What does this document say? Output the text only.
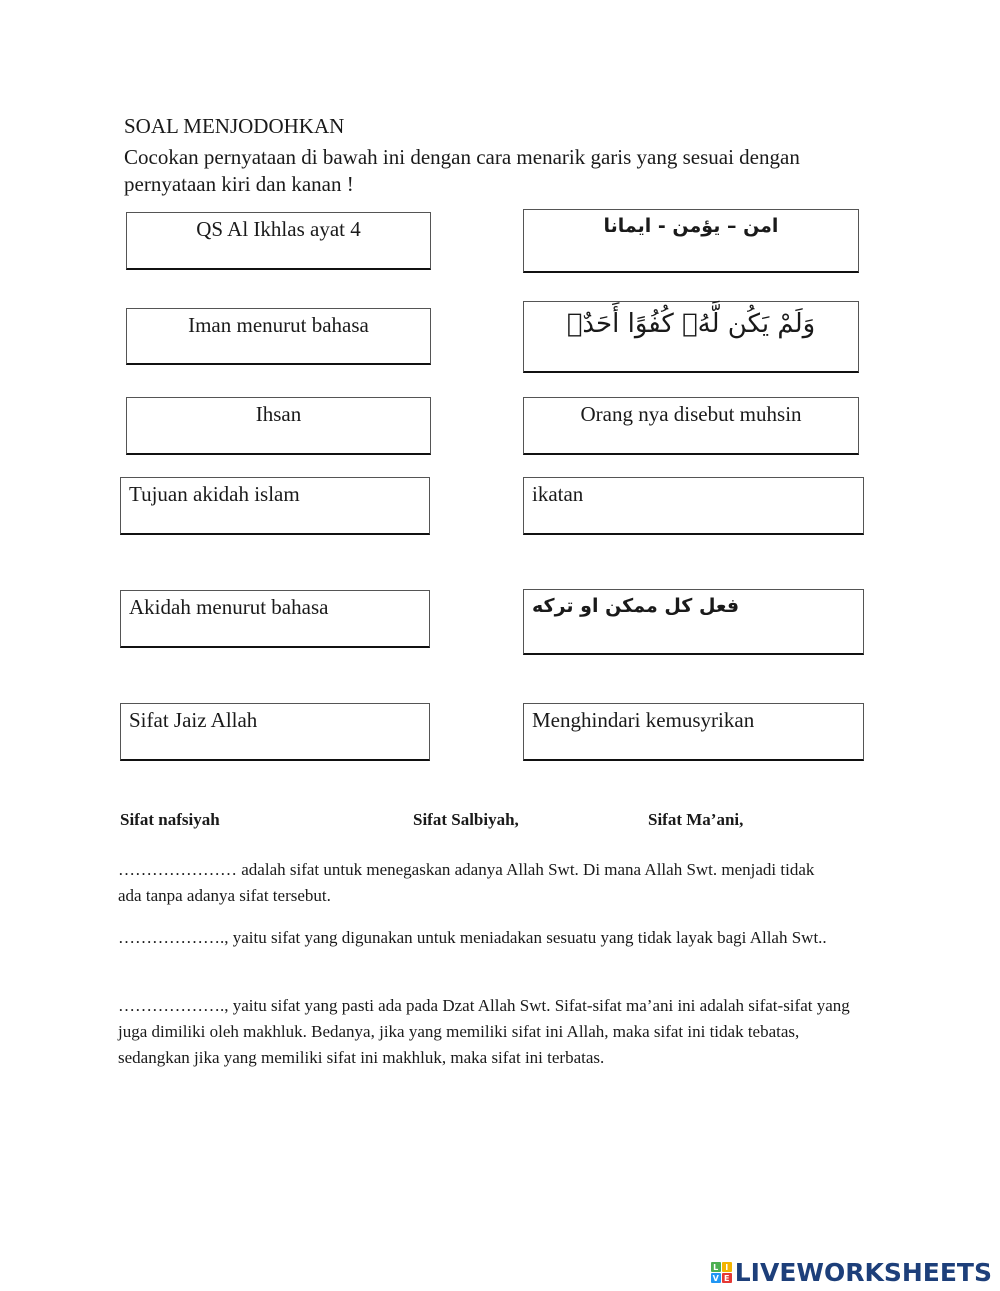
SOAL MENJODOHKAN
Cocokan pernyataan di bawah ini dengan cara menarik garis yang sesuai dengan pernyataan kiri dan kanan !
QS Al Ikhlas ayat 4
Iman menurut bahasa
Ihsan
Tujuan akidah islam
Akidah menurut bahasa
Sifat Jaiz Allah
امن – يؤمن - ايمانا
وَلَمْ يَكُن لَّهُۥ كُفُوًا أَحَدٌۢ
Orang nya disebut muhsin
ikatan
فعل كل ممكن او تركه
Menghindari kemusyrikan
Sifat nafsiyah	Sifat Salbiyah,	Sifat Ma’ani,
………………… adalah sifat untuk menegaskan adanya Allah Swt. Di mana Allah Swt. menjadi tidak ada tanpa adanya sifat tersebut.
………………., yaitu sifat yang digunakan untuk meniadakan sesuatu yang tidak layak bagi Allah Swt..
………………., yaitu sifat yang pasti ada pada Dzat Allah Swt. Sifat-sifat ma’ani ini adalah sifat-sifat yang juga dimiliki oleh makhluk. Bedanya, jika yang memiliki sifat ini Allah, maka sifat ini tidak tebatas, sedangkan jika yang memiliki sifat ini makhluk, maka sifat ini terbatas.
L I
V E LIVEWORKSHEETS
